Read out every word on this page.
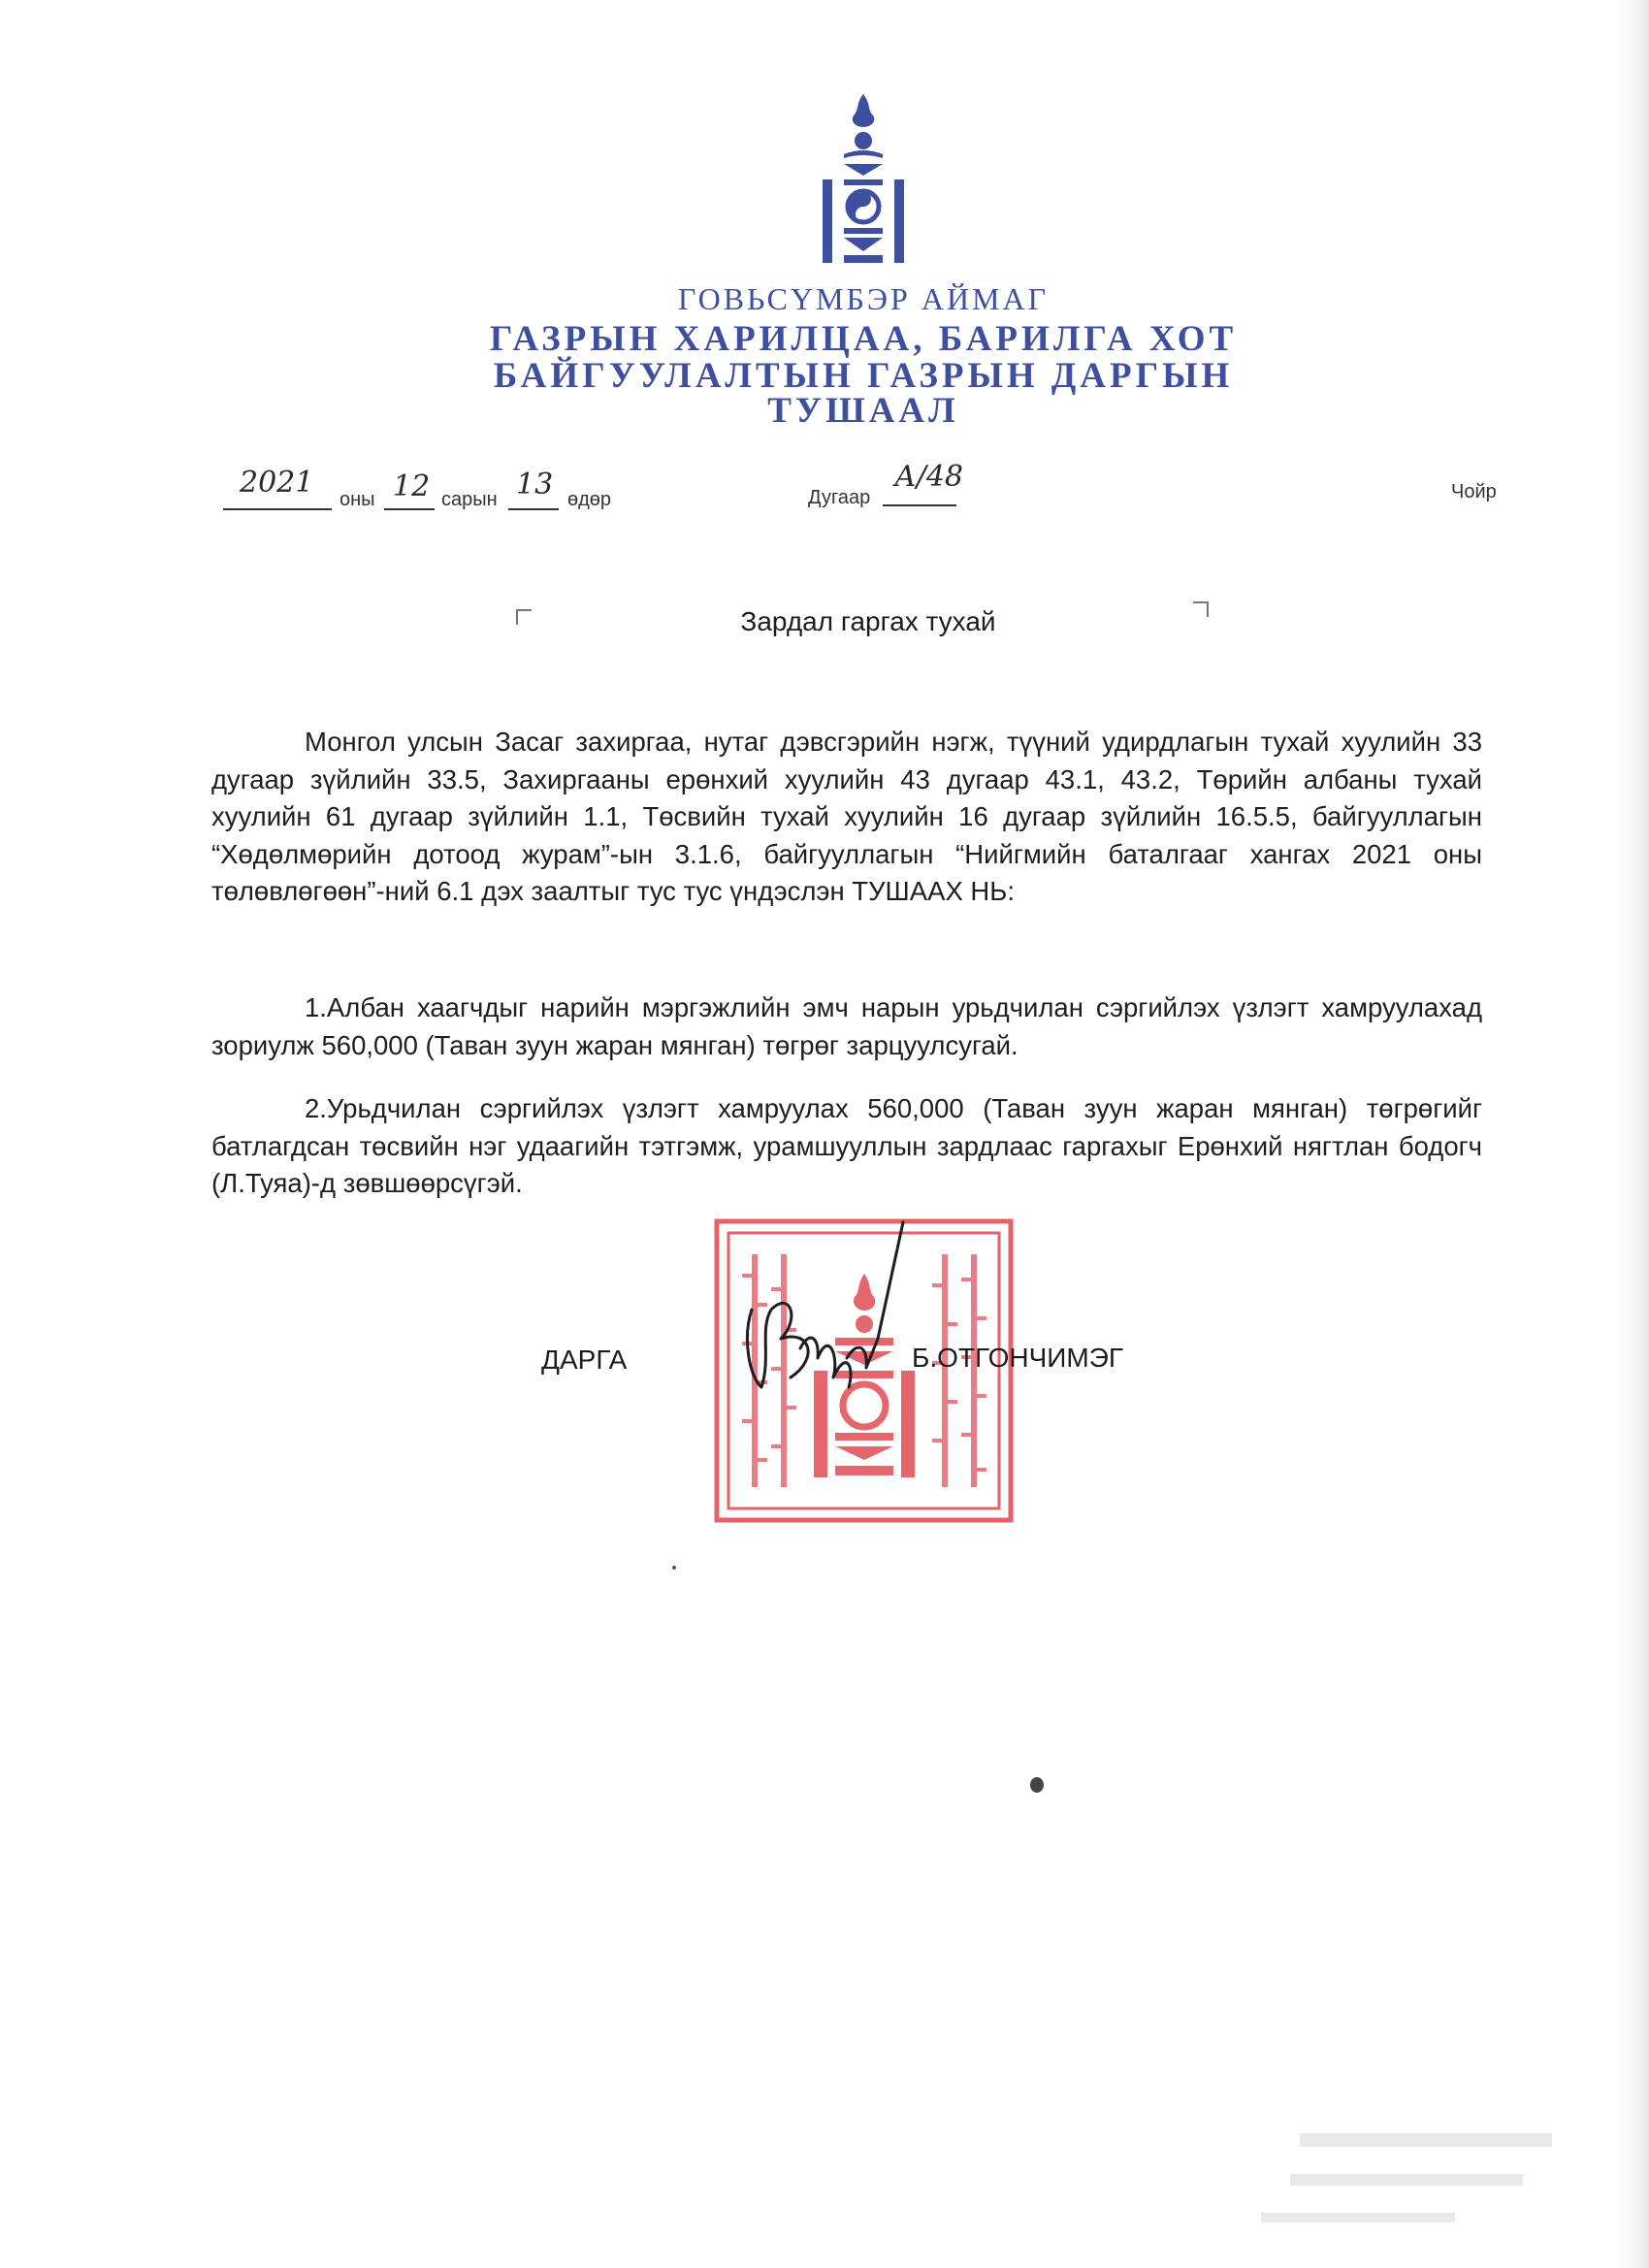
ГОВЬСҮМБЭР АЙМАГ
ГАЗРЫН ХАРИЛЦАА, БАРИЛГА ХОТ
БАЙГУУЛАЛТЫН ГАЗРЫН ДАРГЫН
ТУШААЛ
2021 оны 12 сарын 13 өдөр	Дугаар
А/48	Чойр
Зардал гаргах тухай
Монгол улсын Засаг захиргаа, нутаг дэвсгэрийн нэгж, түүний удирдлагын тухай хуулийн 33 дугаар зүйлийн 33.5, Захиргааны ерөнхий хуулийн 43 дугаар 43.1, 43.2, Төрийн албаны тухай хуулийн 61 дугаар зүйлийн 1.1, Төсвийн тухай хуулийн 16 дугаар зүйлийн 16.5.5, байгууллагын “Хөдөлмөрийн дотоод журам”-ын 3.1.6, байгууллагын “Нийгмийн баталгааг хангах 2021 оны төлөвлөгөөн”-ний 6.1 дэх заалтыг тус тус үндэслэн ТУШААХ НЬ:
1.Албан хаагчдыг нарийн мэргэжлийн эмч нарын урьдчилан сэргийлэх үзлэгт хамруулахад зориулж 560,000 (Таван зуун жаран мянган) төгрөг зарцуулсугай.
2.Урьдчилан сэргийлэх үзлэгт хамруулах 560,000 (Таван зуун жаран мянган) төгрөгийг батлагдсан төсвийн нэг удаагийн тэтгэмж, урамшууллын зардлаас гаргахыг Ерөнхий нягтлан бодогч (Л.Туяа)-д зөвшөөрсүгэй.
ДАРГА	Б.ОТГОНЧИМЭГ
